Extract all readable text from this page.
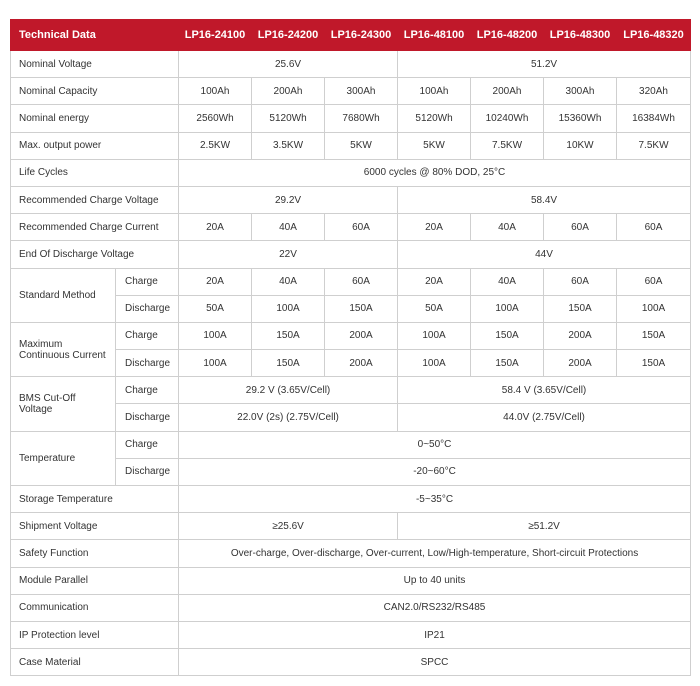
Technical Data		LP16-24100	LP16-24200	LP16-24300	LP16-48100	LP16-48200	LP16-48300	LP16-48320
Nominal Voltage		25.6V			51.2V			
Nominal Capacity		100Ah	200Ah	300Ah	100Ah	200Ah	300Ah	320Ah
Nominal energy		2560Wh	5120Wh	7680Wh	5120Wh	10240Wh	15360Wh	16384Wh
Max. output power		2.5KW	3.5KW	5KW	5KW	7.5KW	10KW	7.5KW
Life Cycles		6000 cycles @ 80% DOD, 25°C						
Recommended Charge Voltage		29.2V			58.4V			
Recommended Charge Current		20A	40A	60A	20A	40A	60A	60A
End Of Discharge Voltage		22V			44V			
Standard Method	Charge	20A	40A	60A	20A	40A	60A	60A
	Discharge	50A	100A	150A	50A	100A	150A	100A
Maximum Continuous Current	Charge	100A	150A	200A	100A	150A	200A	150A
	Discharge	100A	150A	200A	100A	150A	200A	150A
BMS Cut-Off Voltage	Charge	29.2 V (3.65V/Cell)			58.4 V (3.65V/Cell)			
	Discharge	22.0V (2s) (2.75V/Cell)			44.0V (2.75V/Cell)			
Temperature	Charge	0~50°C						
	Discharge	-20~60°C						
Storage Temperature		-5~35°C						
Shipment Voltage		≥25.6V			≥51.2V			
Safety Function		Over-charge, Over-discharge, Over-current, Low/High-temperature, Short-circuit Protections						
Module Parallel		Up to 40 units						
Communication		CAN2.0/RS232/RS485						
IP Protection level		IP21						
Case Material		SPCC						
